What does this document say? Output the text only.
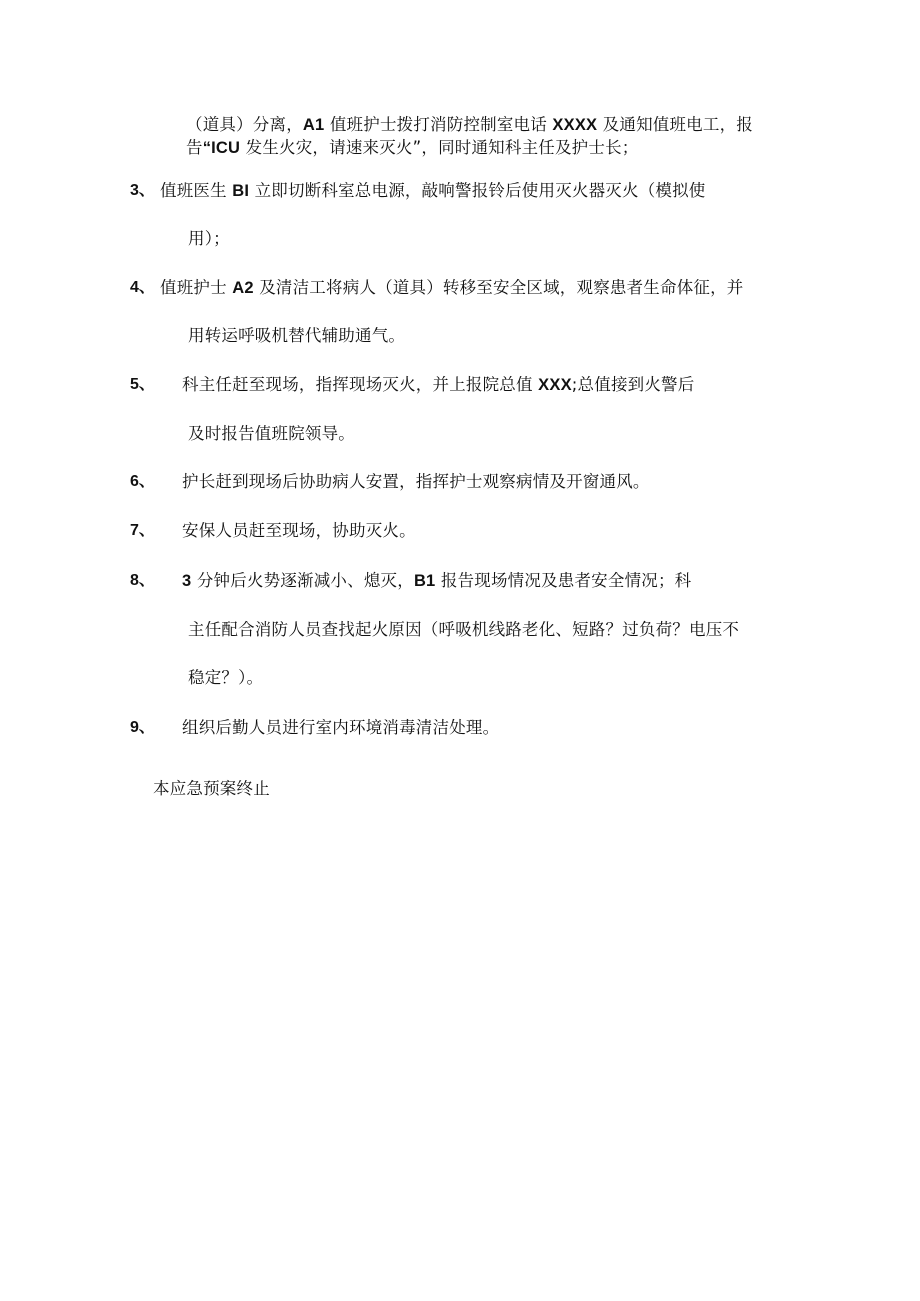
（道具）分离，A1 值班护士拨打消防控制室电话 XXXX 及通知值班电工，报
告“ICU 发生火灾，请速来灭火”，同时通知科主任及护士长；
3、 值班医生 BI 立即切断科室总电源，敲响警报铃后使用灭火器灭火（模拟使
用）；
4、 值班护士 A2 及清洁工将病人（道具）转移至安全区域，观察患者生命体征，并
用转运呼吸机替代辅助通气。
5、 科主任赶至现场，指挥现场灭火，并上报院总值 XXX;总值接到火警后
及时报告值班院领导。
6、 护长赶到现场后协助病人安置，指挥护士观察病情及开窗通风。
7、 安保人员赶至现场，协助灭火。
8、 3 分钟后火势逐渐减小、熄灭，B1 报告现场情况及患者安全情况；科
主任配合消防人员查找起火原因（呼吸机线路老化、短路？过负荷？电压不
稳定？）。
9、 组织后勤人员进行室内环境消毒清洁处理。
本应急预案终止
